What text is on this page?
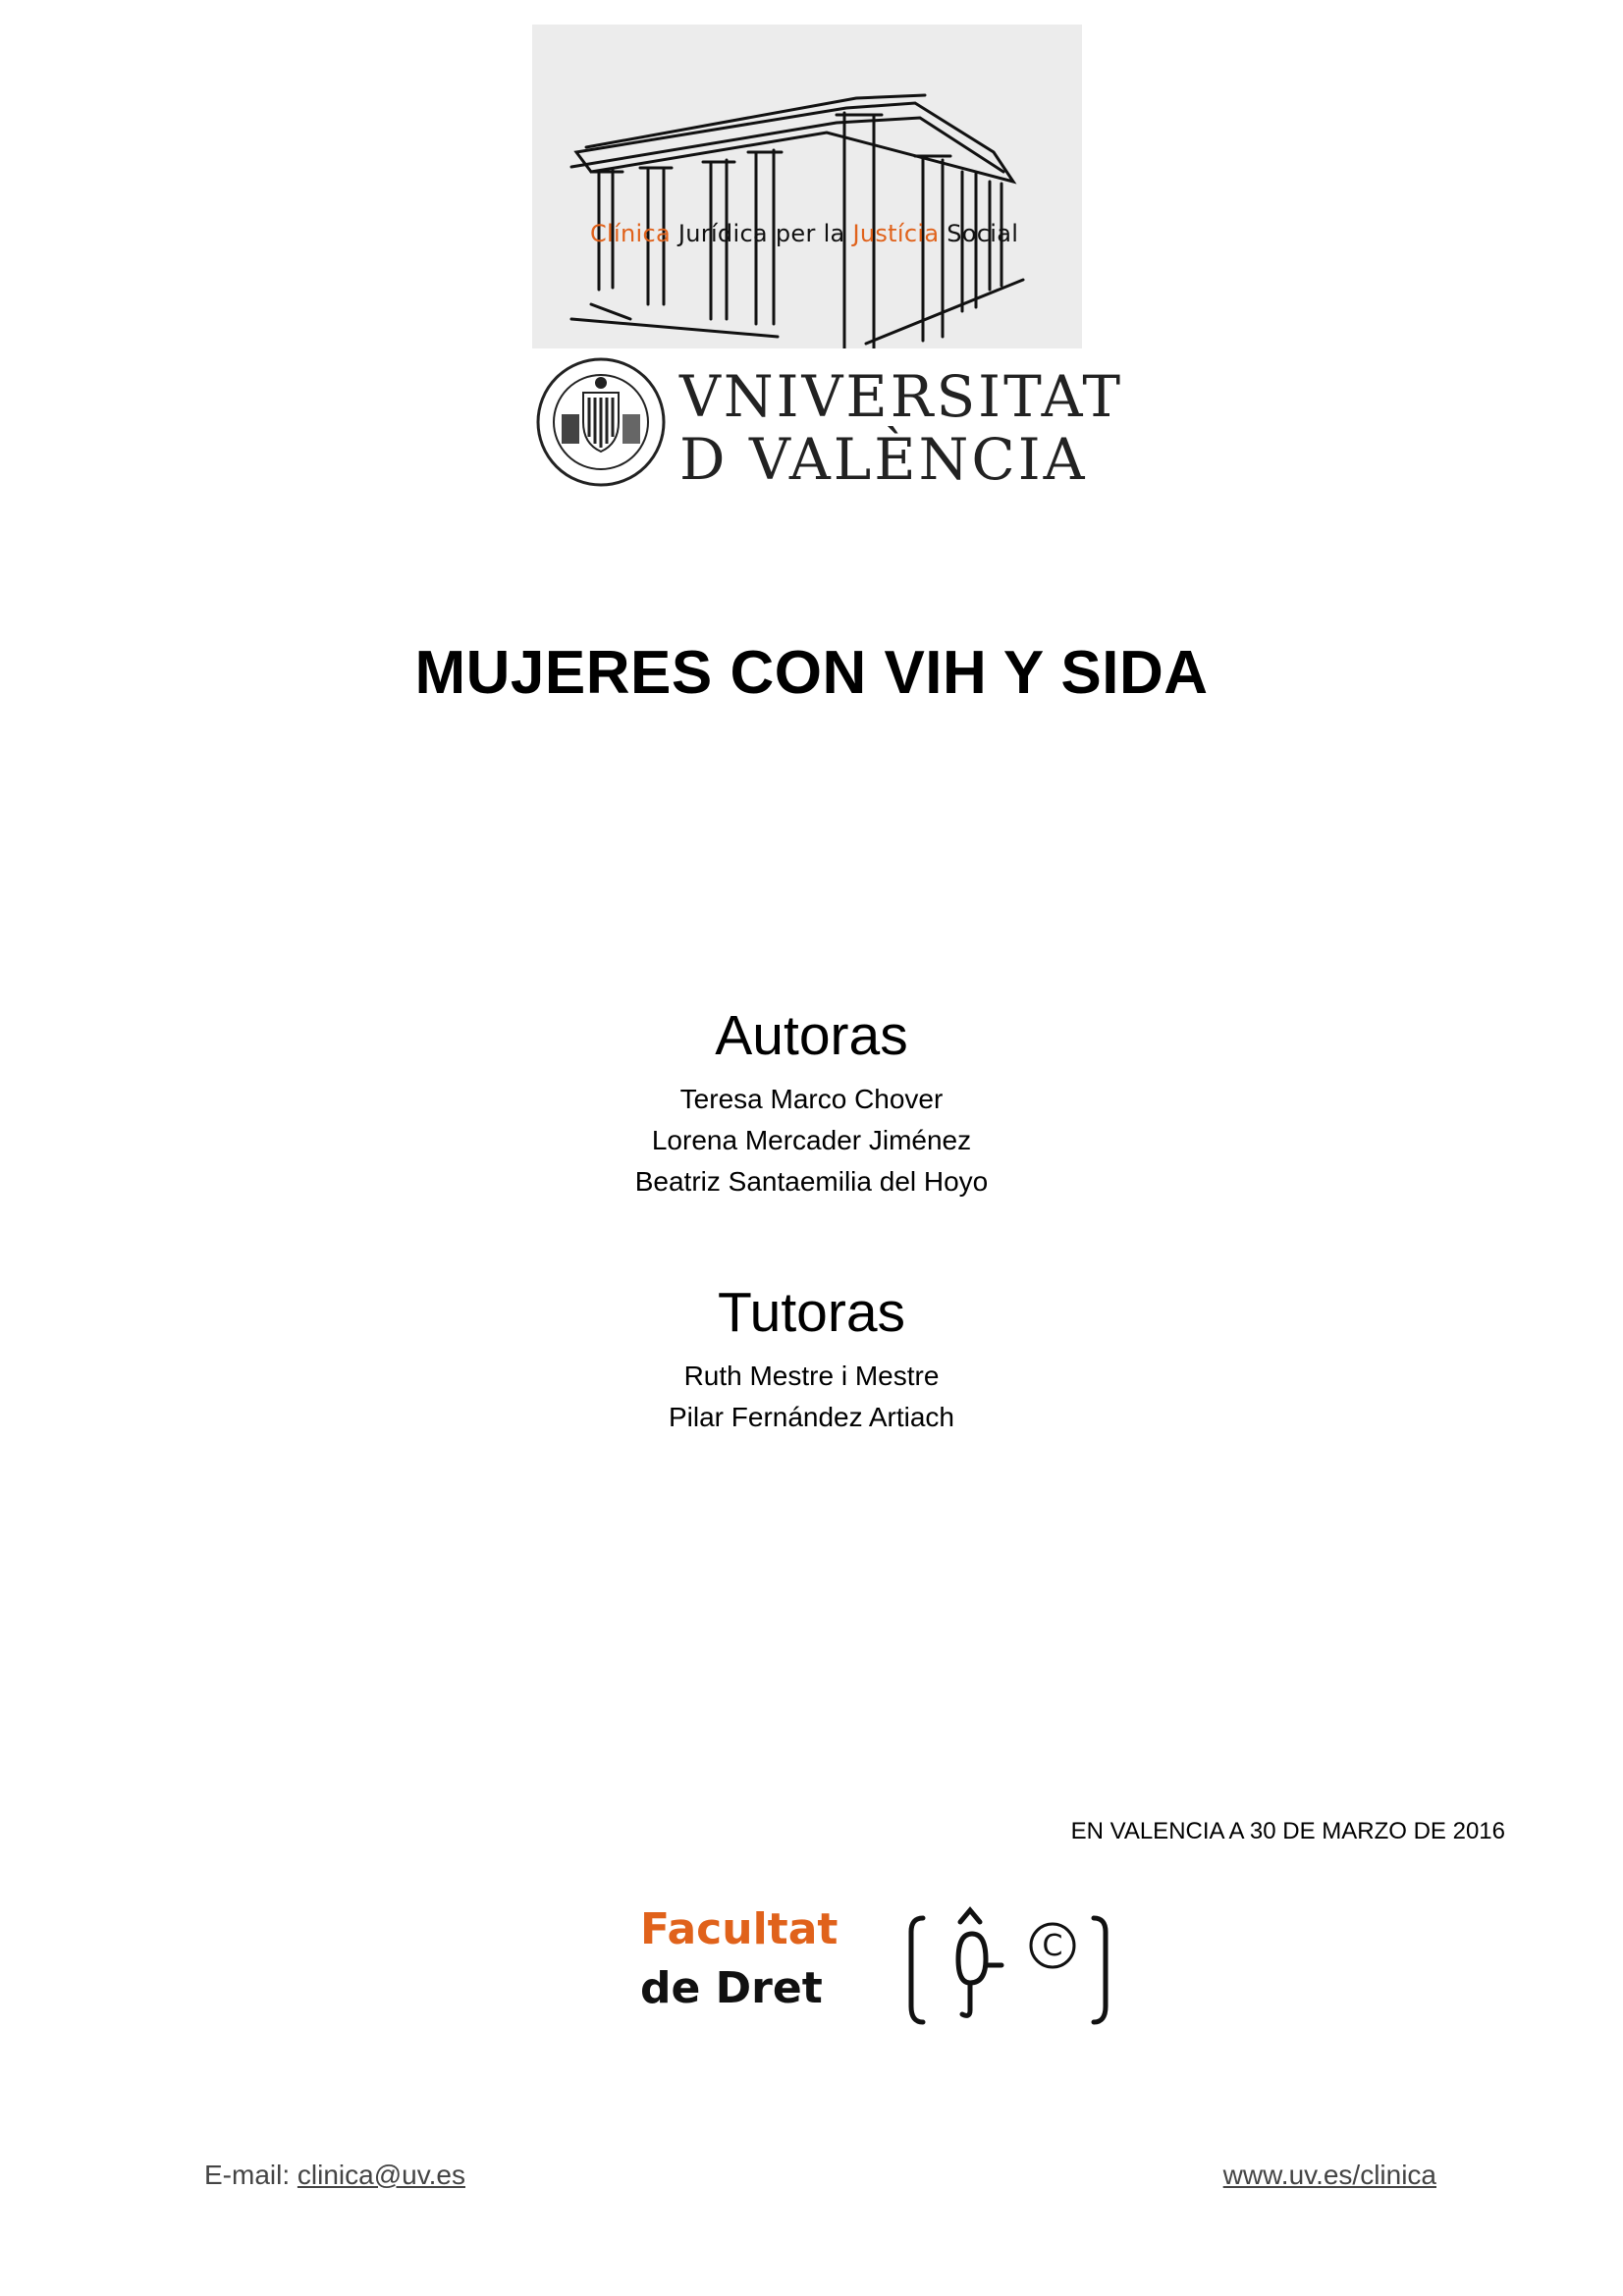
Clínica Jurídica per la Justícia Social
VNIVERSITAT
D VALÈNCIA
MUJERES CON VIH Y SIDA
Autoras
Teresa Marco Chover
Lorena Mercader Jiménez
Beatriz Santaemilia del Hoyo
Tutoras
Ruth Mestre i Mestre
Pilar Fernández Artiach
EN VALENCIA A 30 DE MARZO DE 2016
Facultat
de Dret
C
E-mail: clinica@uv.es	www.uv.es/clinica
